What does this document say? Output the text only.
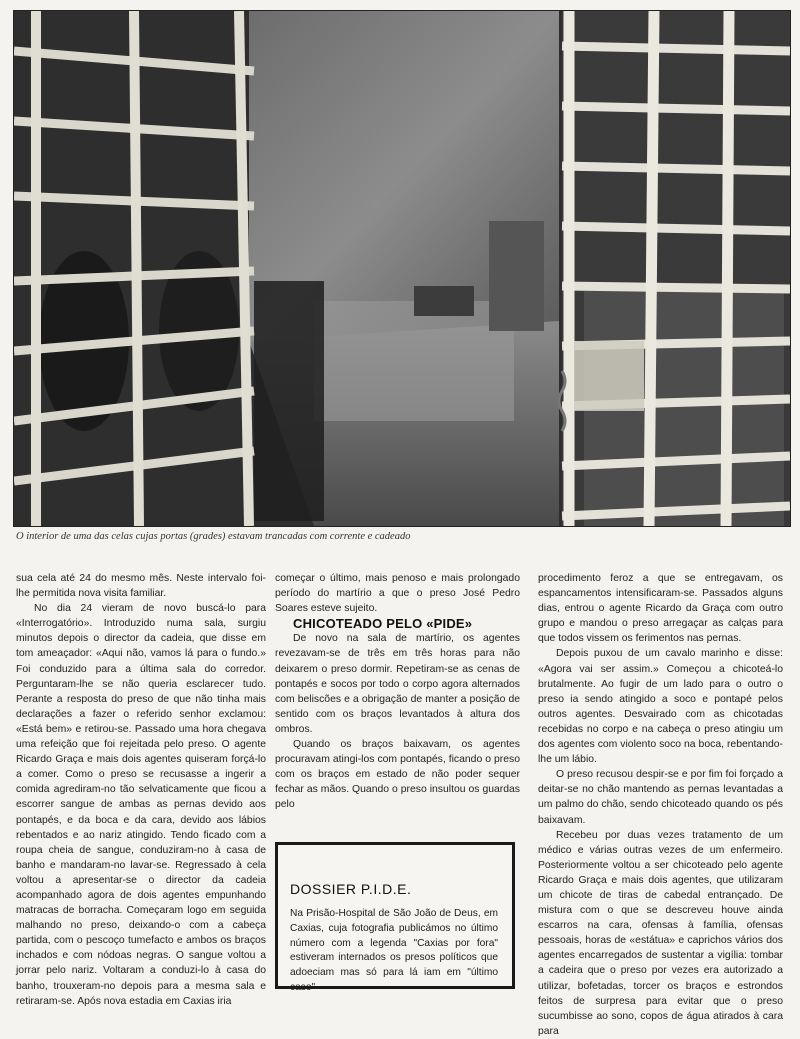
O interior de uma das celas cujas portas (grades) estavam trancadas com corrente e cadeado

sua cela até 24 do mesmo mês. Neste intervalo foi-lhe permitida nova visita familiar.

No dia 24 vieram de novo buscá-lo para «Interrogatório». Introduzido numa sala, surgiu minutos depois o director da cadeia, que disse em tom ameaçador: «Aqui não, vamos lá para o fundo.» Foi conduzido para a última sala do corredor. Perguntaram-lhe se não queria esclarecer tudo. Perante a resposta do preso de que não tinha mais declarações a fazer o referido senhor exclamou: «Está bem» e retirou-se. Passado uma hora chegava uma refeição que foi rejeitada pelo preso. O agente Ricardo Graça e mais dois agentes quiseram forçá-lo a comer. Como o preso se recusasse a ingerir a comida agrediram-no tão selvaticamente que ficou a escorrer sangue de ambas as pernas devido aos pontapés, e da boca e da cara, devido aos lábios rebentados e ao nariz atingido. Tendo ficado com a roupa cheia de sangue, conduziram-no à casa de banho e mandaram-no lavar-se. Regressado à cela voltou a apresentar-se o director da cadeia acompanhado agora de dois agentes empunhando matracas de borracha. Começaram logo em seguida malhando no preso, deixando-o com a cabeça partida, com o pescoço tumefacto e ambos os braços inchados e com nódoas negras. O sangue voltou a jorrar pelo nariz. Voltaram a conduzi-lo à casa do banho, trouxeram-no depois para a mesma sala e retiraram-se. Após nova estadia em Caxias iria

começar o último, mais penoso e mais prolongado período do martírio a que o preso José Pedro Soares esteve sujeito.

CHICOTEADO PELO «PIDE»

De novo na sala de martírio, os agentes revezavam-se de três em três horas para não deixarem o preso dormir. Repetiram-se as cenas de pontapés e socos por todo o corpo agora alternados com beliscões e a obrigação de manter a posição de sentido com os braços levantados à altura dos ombros.

Quando os braços baixavam, os agentes procuravam atingi-los com pontapés, ficando o preso com os braços em estado de não poder sequer fechar as mãos. Quando o preso insultou os guardas pelo

DOSSIER P.I.D.E.

Na Prisão-Hospital de São João de Deus, em Caxias, cuja fotografia publicámos no último número com a legenda "Caxias por fora" estiveram internados os presos políticos que adoeciam mas só para lá iam em "último caso"

procedimento feroz a que se entregavam, os espancamentos intensificaram-se. Passados alguns dias, entrou o agente Ricardo da Graça com outro grupo e mandou o preso arregaçar as calças para que todos vissem os ferimentos nas pernas.

Depois puxou de um cavalo marinho e disse: «Agora vai ser assim.» Começou a chicoteá-lo brutalmente. Ao fugir de um lado para o outro o preso ia sendo atingido a soco e pontapé pelos outros agentes. Desvairado com as chicotadas recebidas no corpo e na cabeça o preso atingiu um dos agentes com violento soco na boca, rebentando-lhe um lábio.

O preso recusou despir-se e por fim foi forçado a deitar-se no chão mantendo as pernas levantadas a um palmo do chão, sendo chicoteado quando os pés baixavam.

Recebeu por duas vezes tratamento de um médico e várias outras vezes de um enfermeiro. Posteriormente voltou a ser chicoteado pelo agente Ricardo Graça e mais dois agentes, que utilizaram um chicote de tiras de cabedal entrançado. De mistura com o que se descreveu houve ainda escarros na cara, ofensas à família, ofensas pessoais, horas de «estátua» e caprichos vários dos agentes encarregados de sustentar a vigília: tombar a cadeira que o preso por vezes era autorizado a utilizar, bofetadas, torcer os braços e estrondos feitos de surpresa para evitar que o preso sucumbisse ao sono, copos de água atirados à cara para
